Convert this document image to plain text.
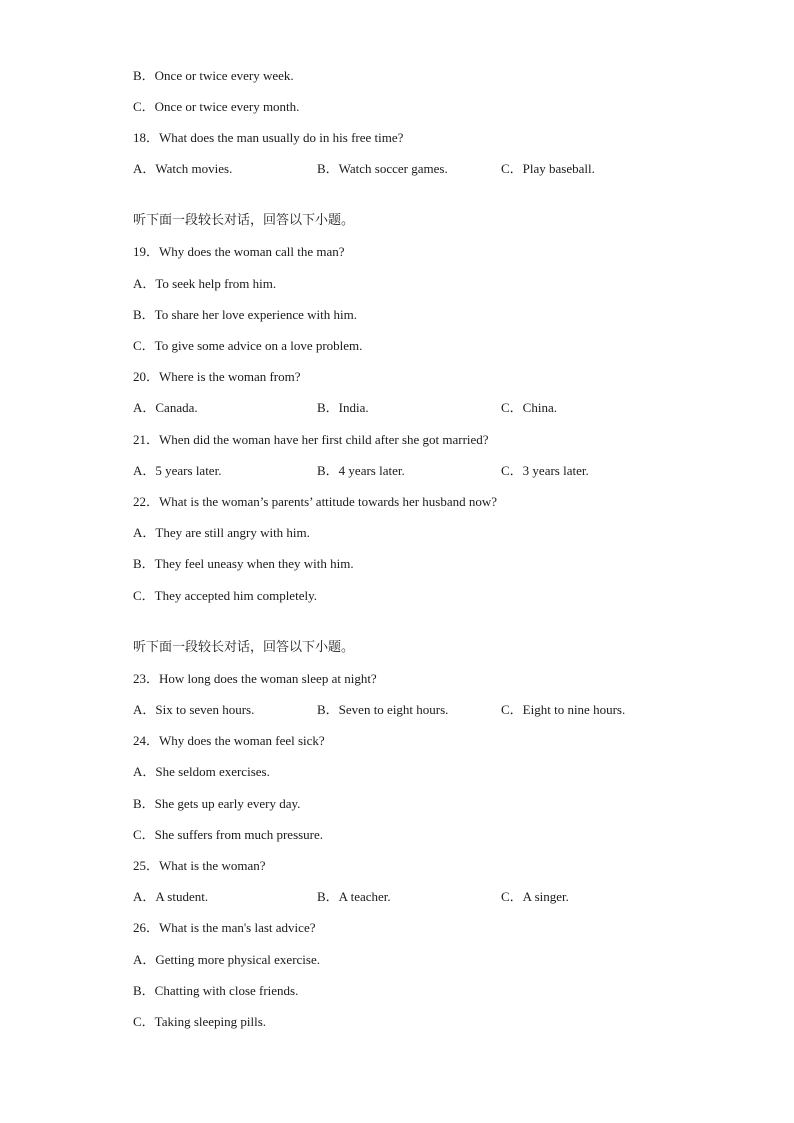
B．Once or twice every week.
C．Once or twice every month.
18．What does the man usually do in his free time?
A．Watch movies.	B．Watch soccer games.	C．Play baseball.
听下面一段较长对话，回答以下小题。
19．Why does the woman call the man?
A．To seek help from him.
B．To share her love experience with him.
C．To give some advice on a love problem.
20．Where is the woman from?
A．Canada.	B．India.	C．China.
21．When did the woman have her first child after she got married?
A．5 years later.	B．4 years later.	C．3 years later.
22．What is the woman’s parents’ attitude towards her husband now?
A．They are still angry with him.
B．They feel uneasy when they with him.
C．They accepted him completely.
听下面一段较长对话，回答以下小题。
23．How long does the woman sleep at night?
A．Six to seven hours.	B．Seven to eight hours.	C．Eight to nine hours.
24．Why does the woman feel sick?
A．She seldom exercises.
B．She gets up early every day.
C．She suffers from much pressure.
25．What is the woman?
A．A student.	B．A teacher.	C．A singer.
26．What is the man's last advice?
A．Getting more physical exercise.
B．Chatting with close friends.
C．Taking sleeping pills.
